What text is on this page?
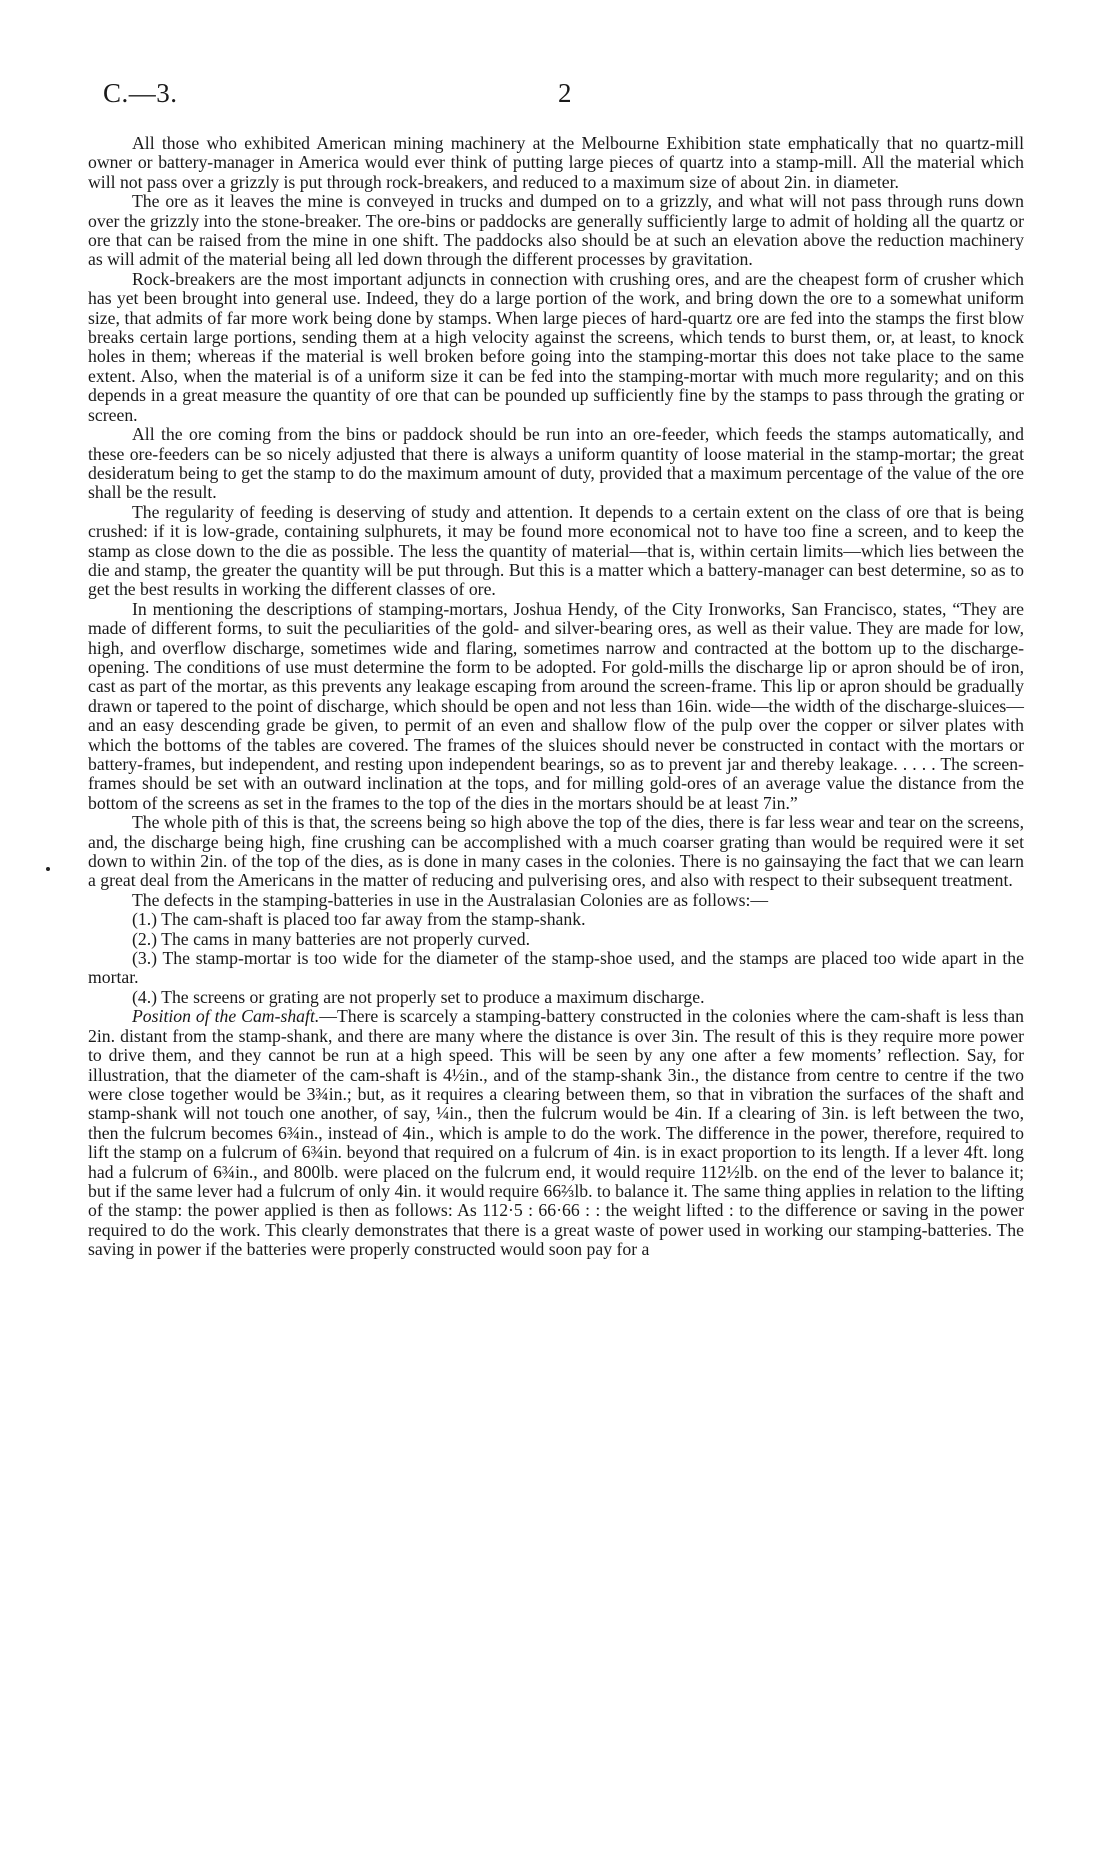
C.—3.	2

All those who exhibited American mining machinery at the Melbourne Exhibition state emphatically that no quartz-mill owner or battery-manager in America would ever think of putting large pieces of quartz into a stamp-mill. All the material which will not pass over a grizzly is put through rock-breakers, and reduced to a maximum size of about 2in. in diameter.

The ore as it leaves the mine is conveyed in trucks and dumped on to a grizzly, and what will not pass through runs down over the grizzly into the stone-breaker. The ore-bins or paddocks are generally sufficiently large to admit of holding all the quartz or ore that can be raised from the mine in one shift. The paddocks also should be at such an elevation above the reduction machinery as will admit of the material being all led down through the different processes by gravitation.

Rock-breakers are the most important adjuncts in connection with crushing ores, and are the cheapest form of crusher which has yet been brought into general use. Indeed, they do a large portion of the work, and bring down the ore to a somewhat uniform size, that admits of far more work being done by stamps. When large pieces of hard-quartz ore are fed into the stamps the first blow breaks certain large portions, sending them at a high velocity against the screens, which tends to burst them, or, at least, to knock holes in them; whereas if the material is well broken before going into the stamping-mortar this does not take place to the same extent. Also, when the material is of a uniform size it can be fed into the stamping-mortar with much more regularity; and on this depends in a great measure the quantity of ore that can be pounded up sufficiently fine by the stamps to pass through the grating or screen.

All the ore coming from the bins or paddock should be run into an ore-feeder, which feeds the stamps automatically, and these ore-feeders can be so nicely adjusted that there is always a uniform quantity of loose material in the stamp-mortar; the great desideratum being to get the stamp to do the maximum amount of duty, provided that a maximum percentage of the value of the ore shall be the result.

The regularity of feeding is deserving of study and attention. It depends to a certain extent on the class of ore that is being crushed: if it is low-grade, containing sulphurets, it may be found more economical not to have too fine a screen, and to keep the stamp as close down to the die as possible. The less the quantity of material—that is, within certain limits—which lies between the die and stamp, the greater the quantity will be put through. But this is a matter which a battery-manager can best determine, so as to get the best results in working the different classes of ore.

In mentioning the descriptions of stamping-mortars, Joshua Hendy, of the City Ironworks, San Francisco, states, “They are made of different forms, to suit the peculiarities of the gold- and silver-bearing ores, as well as their value. They are made for low, high, and overflow discharge, sometimes wide and flaring, sometimes narrow and contracted at the bottom up to the discharge-opening. The conditions of use must determine the form to be adopted. For gold-mills the discharge lip or apron should be of iron, cast as part of the mortar, as this prevents any leakage escaping from around the screen-frame. This lip or apron should be gradually drawn or tapered to the point of discharge, which should be open and not less than 16in. wide—the width of the discharge-sluices—and an easy descending grade be given, to permit of an even and shallow flow of the pulp over the copper or silver plates with which the bottoms of the tables are covered. The frames of the sluices should never be constructed in contact with the mortars or battery-frames, but independent, and resting upon independent bearings, so as to prevent jar and thereby leakage. . . . . The screen-frames should be set with an outward inclination at the tops, and for milling gold-ores of an average value the distance from the bottom of the screens as set in the frames to the top of the dies in the mortars should be at least 7in.”

The whole pith of this is that, the screens being so high above the top of the dies, there is far less wear and tear on the screens, and, the discharge being high, fine crushing can be accomplished with a much coarser grating than would be required were it set down to within 2in. of the top of the dies, as is done in many cases in the colonies. There is no gainsaying the fact that we can learn a great deal from the Americans in the matter of reducing and pulverising ores, and also with respect to their subsequent treatment.

The defects in the stamping-batteries in use in the Australasian Colonies are as follows:—

(1.) The cam-shaft is placed too far away from the stamp-shank.

(2.) The cams in many batteries are not properly curved.

(3.) The stamp-mortar is too wide for the diameter of the stamp-shoe used, and the stamps are placed too wide apart in the mortar.

(4.) The screens or grating are not properly set to produce a maximum discharge.

Position of the Cam-shaft.—There is scarcely a stamping-battery constructed in the colonies where the cam-shaft is less than 2in. distant from the stamp-shank, and there are many where the distance is over 3in. The result of this is they require more power to drive them, and they cannot be run at a high speed. This will be seen by any one after a few moments’ reflection. Say, for illustration, that the diameter of the cam-shaft is 4½in., and of the stamp-shank 3in., the distance from centre to centre if the two were close together would be 3¾in.; but, as it requires a clearing between them, so that in vibration the surfaces of the shaft and stamp-shank will not touch one another, of say, ¼in., then the fulcrum would be 4in. If a clearing of 3in. is left between the two, then the fulcrum becomes 6¾in., instead of 4in., which is ample to do the work. The difference in the power, therefore, required to lift the stamp on a fulcrum of 6¾in. beyond that required on a fulcrum of 4in. is in exact proportion to its length. If a lever 4ft. long had a fulcrum of 6¾in., and 800lb. were placed on the fulcrum end, it would require 112½lb. on the end of the lever to balance it; but if the same lever had a fulcrum of only 4in. it would require 66⅔lb. to balance it. The same thing applies in relation to the lifting of the stamp: the power applied is then as follows: As 112·5 : 66·66 : : the weight lifted : to the difference or saving in the power required to do the work. This clearly demonstrates that there is a great waste of power used in working our stamping-batteries. The saving in power if the batteries were properly constructed would soon pay for a
